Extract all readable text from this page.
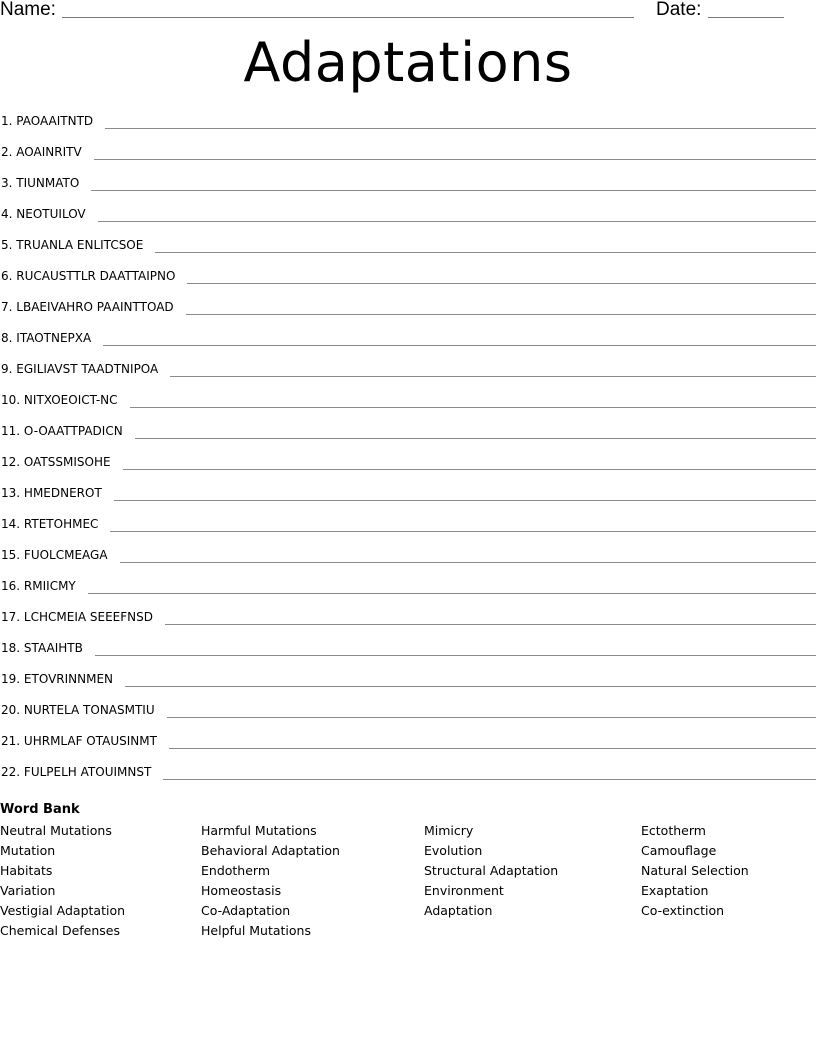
Name:	Date:
Adaptations
1. PAOAAITNTD
2. AOAINRITV
3. TIUNMATO
4. NEOTUILOV
5. TRUANLA ENLITCSOE
6. RUCAUSTTLR DAATTAIPNO
7. LBAEIVAHRO PAAINTTOAD
8. ITAOTNEPXA
9. EGILIAVST TAADTNIPOA
10. NITXOEOICT-NC
11. O-OAATTPADICN
12. OATSSMISOHE
13. HMEDNEROT
14. RTETOHMEC
15. FUOLCMEAGA
16. RMIICMY
17. LCHCMEIA SEEEFNSD
18. STAAIHTB
19. ETOVRINNMEN
20. NURTELA TONASMTIU
21. UHRMLAF OTAUSINMT
22. FULPELH ATOUIMNST
Word Bank
Neutral Mutations
Mutation
Habitats
Variation
Vestigial Adaptation
Chemical Defenses
Harmful Mutations
Behavioral Adaptation
Endotherm
Homeostasis
Co-Adaptation
Helpful Mutations
Mimicry
Evolution
Structural Adaptation
Environment
Adaptation
Ectotherm
Camouflage
Natural Selection
Exaptation
Co-extinction
